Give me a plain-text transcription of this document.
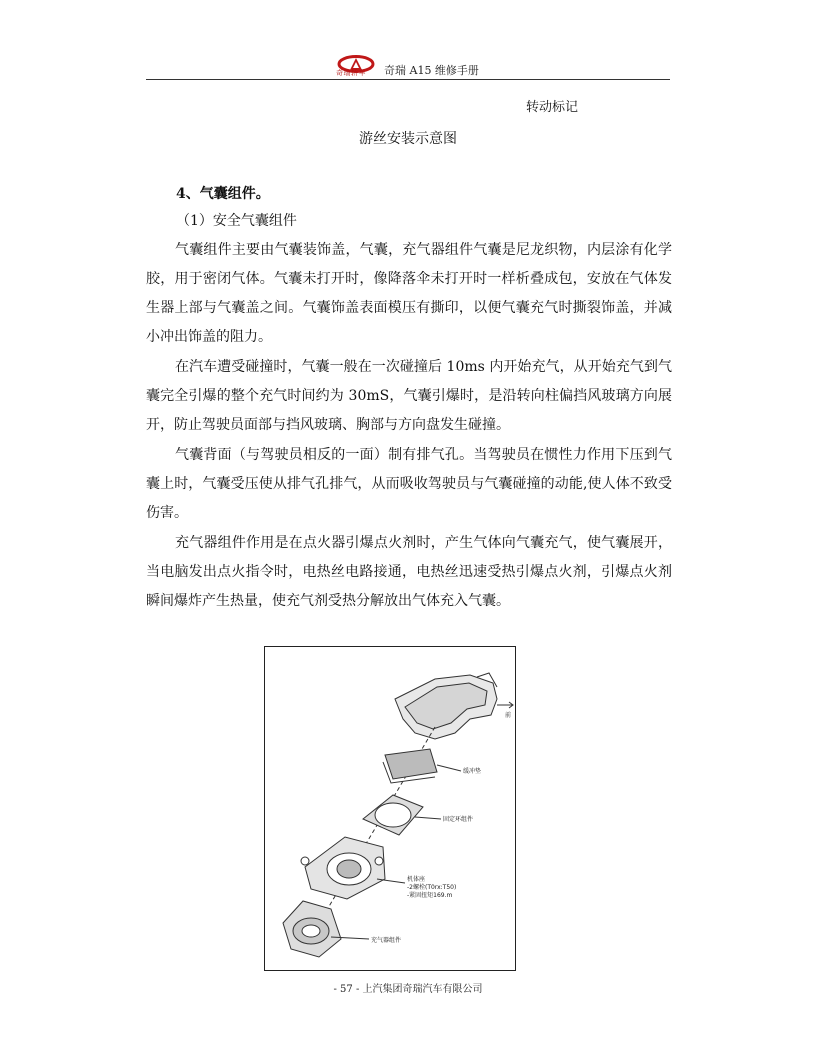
奇瑞轿车 奇瑞 A15 维修手册
转动标记
游丝安装示意图
4、气囊组件。
（1）安全气囊组件

气囊组件主要由气囊装饰盖，气囊，充气器组件气囊是尼龙织物，内层涂有化学胶，用于密闭气体。气囊未打开时，像降落伞未打开时一样析叠成包，安放在气体发生器上部与气囊盖之间。气囊饰盖表面模压有撕印，以便气囊充气时撕裂饰盖，并减小冲出饰盖的阻力。

在汽车遭受碰撞时，气囊一般在一次碰撞后 10ms 内开始充气，从开始充气到气囊完全引爆的整个充气时间约为 30mS，气囊引爆时，是沿转向柱偏挡风玻璃方向展开，防止驾驶员面部与挡风玻璃、胸部与方向盘发生碰撞。

气囊背面（与驾驶员相反的一面）制有排气孔。当驾驶员在惯性力作用下压到气囊上时，气囊受压使从排气孔排气，从而吸收驾驶员与气囊碰撞的动能,使人体不致受伤害。

充气器组件作用是在点火器引爆点火剂时，产生气体向气囊充气，使气囊展开，当电脑发出点火指令时，电热丝电路接通，电热丝迅速受热引爆点火剂，引爆点火剂瞬间爆炸产生热量，使充气剂受热分解放出气体充入气囊。

前
缓冲垫
固定环组件
机体座
-2螺栓(T0rx:T50)
-紧固扭矩169.m
充气器组件
- 57 - 上汽集团奇瑞汽车有限公司
